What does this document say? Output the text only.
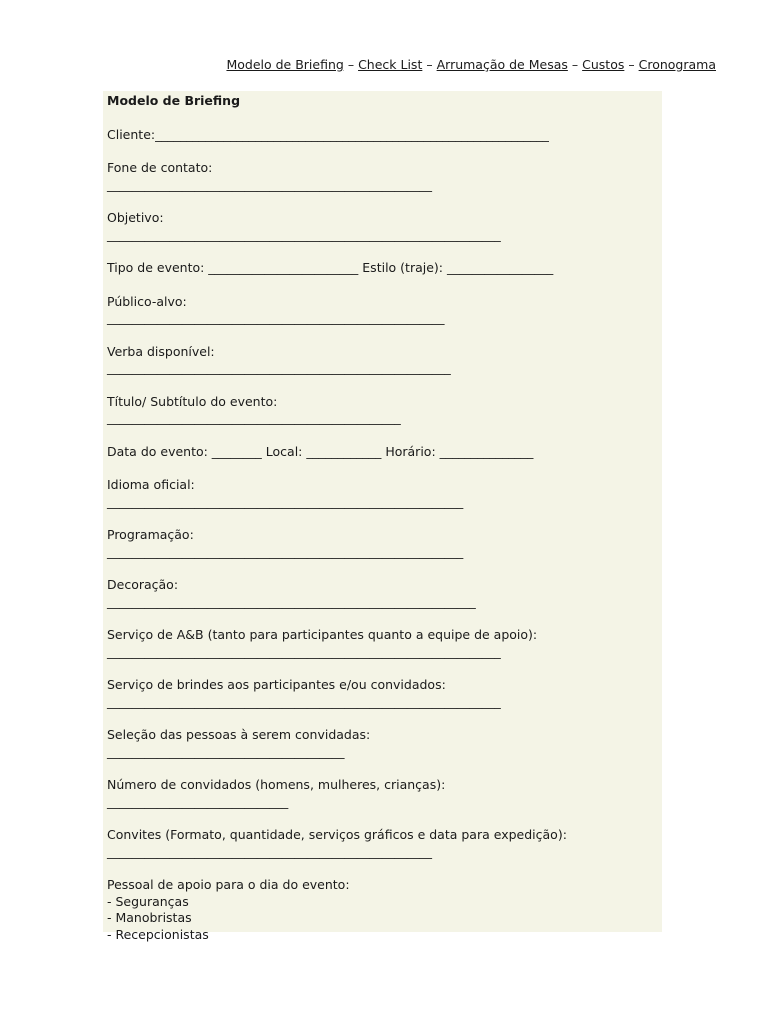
Modelo de Briefing – Check List – Arrumação de Mesas – Custos – Cronograma
Modelo de Briefing
Cliente:_______________________________________________________________
Fone de contato:
____________________________________________________
Objetivo:
_______________________________________________________________
Tipo de evento: ________________________ Estilo (traje): _________________
Público-alvo:
______________________________________________________
Verba disponível:
_______________________________________________________
Título/ Subtítulo do evento:
_______________________________________________
Data do evento: ________ Local: ____________ Horário: _______________
Idioma oficial:
_________________________________________________________
Programação:
_________________________________________________________
Decoração:
___________________________________________________________
Serviço de A&B (tanto para participantes quanto a equipe de apoio):
_______________________________________________________________
Serviço de brindes aos participantes e/ou convidados:
_______________________________________________________________
Seleção das pessoas à serem convidadas:
______________________________________
Número de convidados (homens, mulheres, crianças):
_____________________________
Convites (Formato, quantidade, serviços gráficos e data para expedição):
____________________________________________________
Pessoal de apoio para o dia do evento:
- Seguranças
- Manobristas
- Recepcionistas
